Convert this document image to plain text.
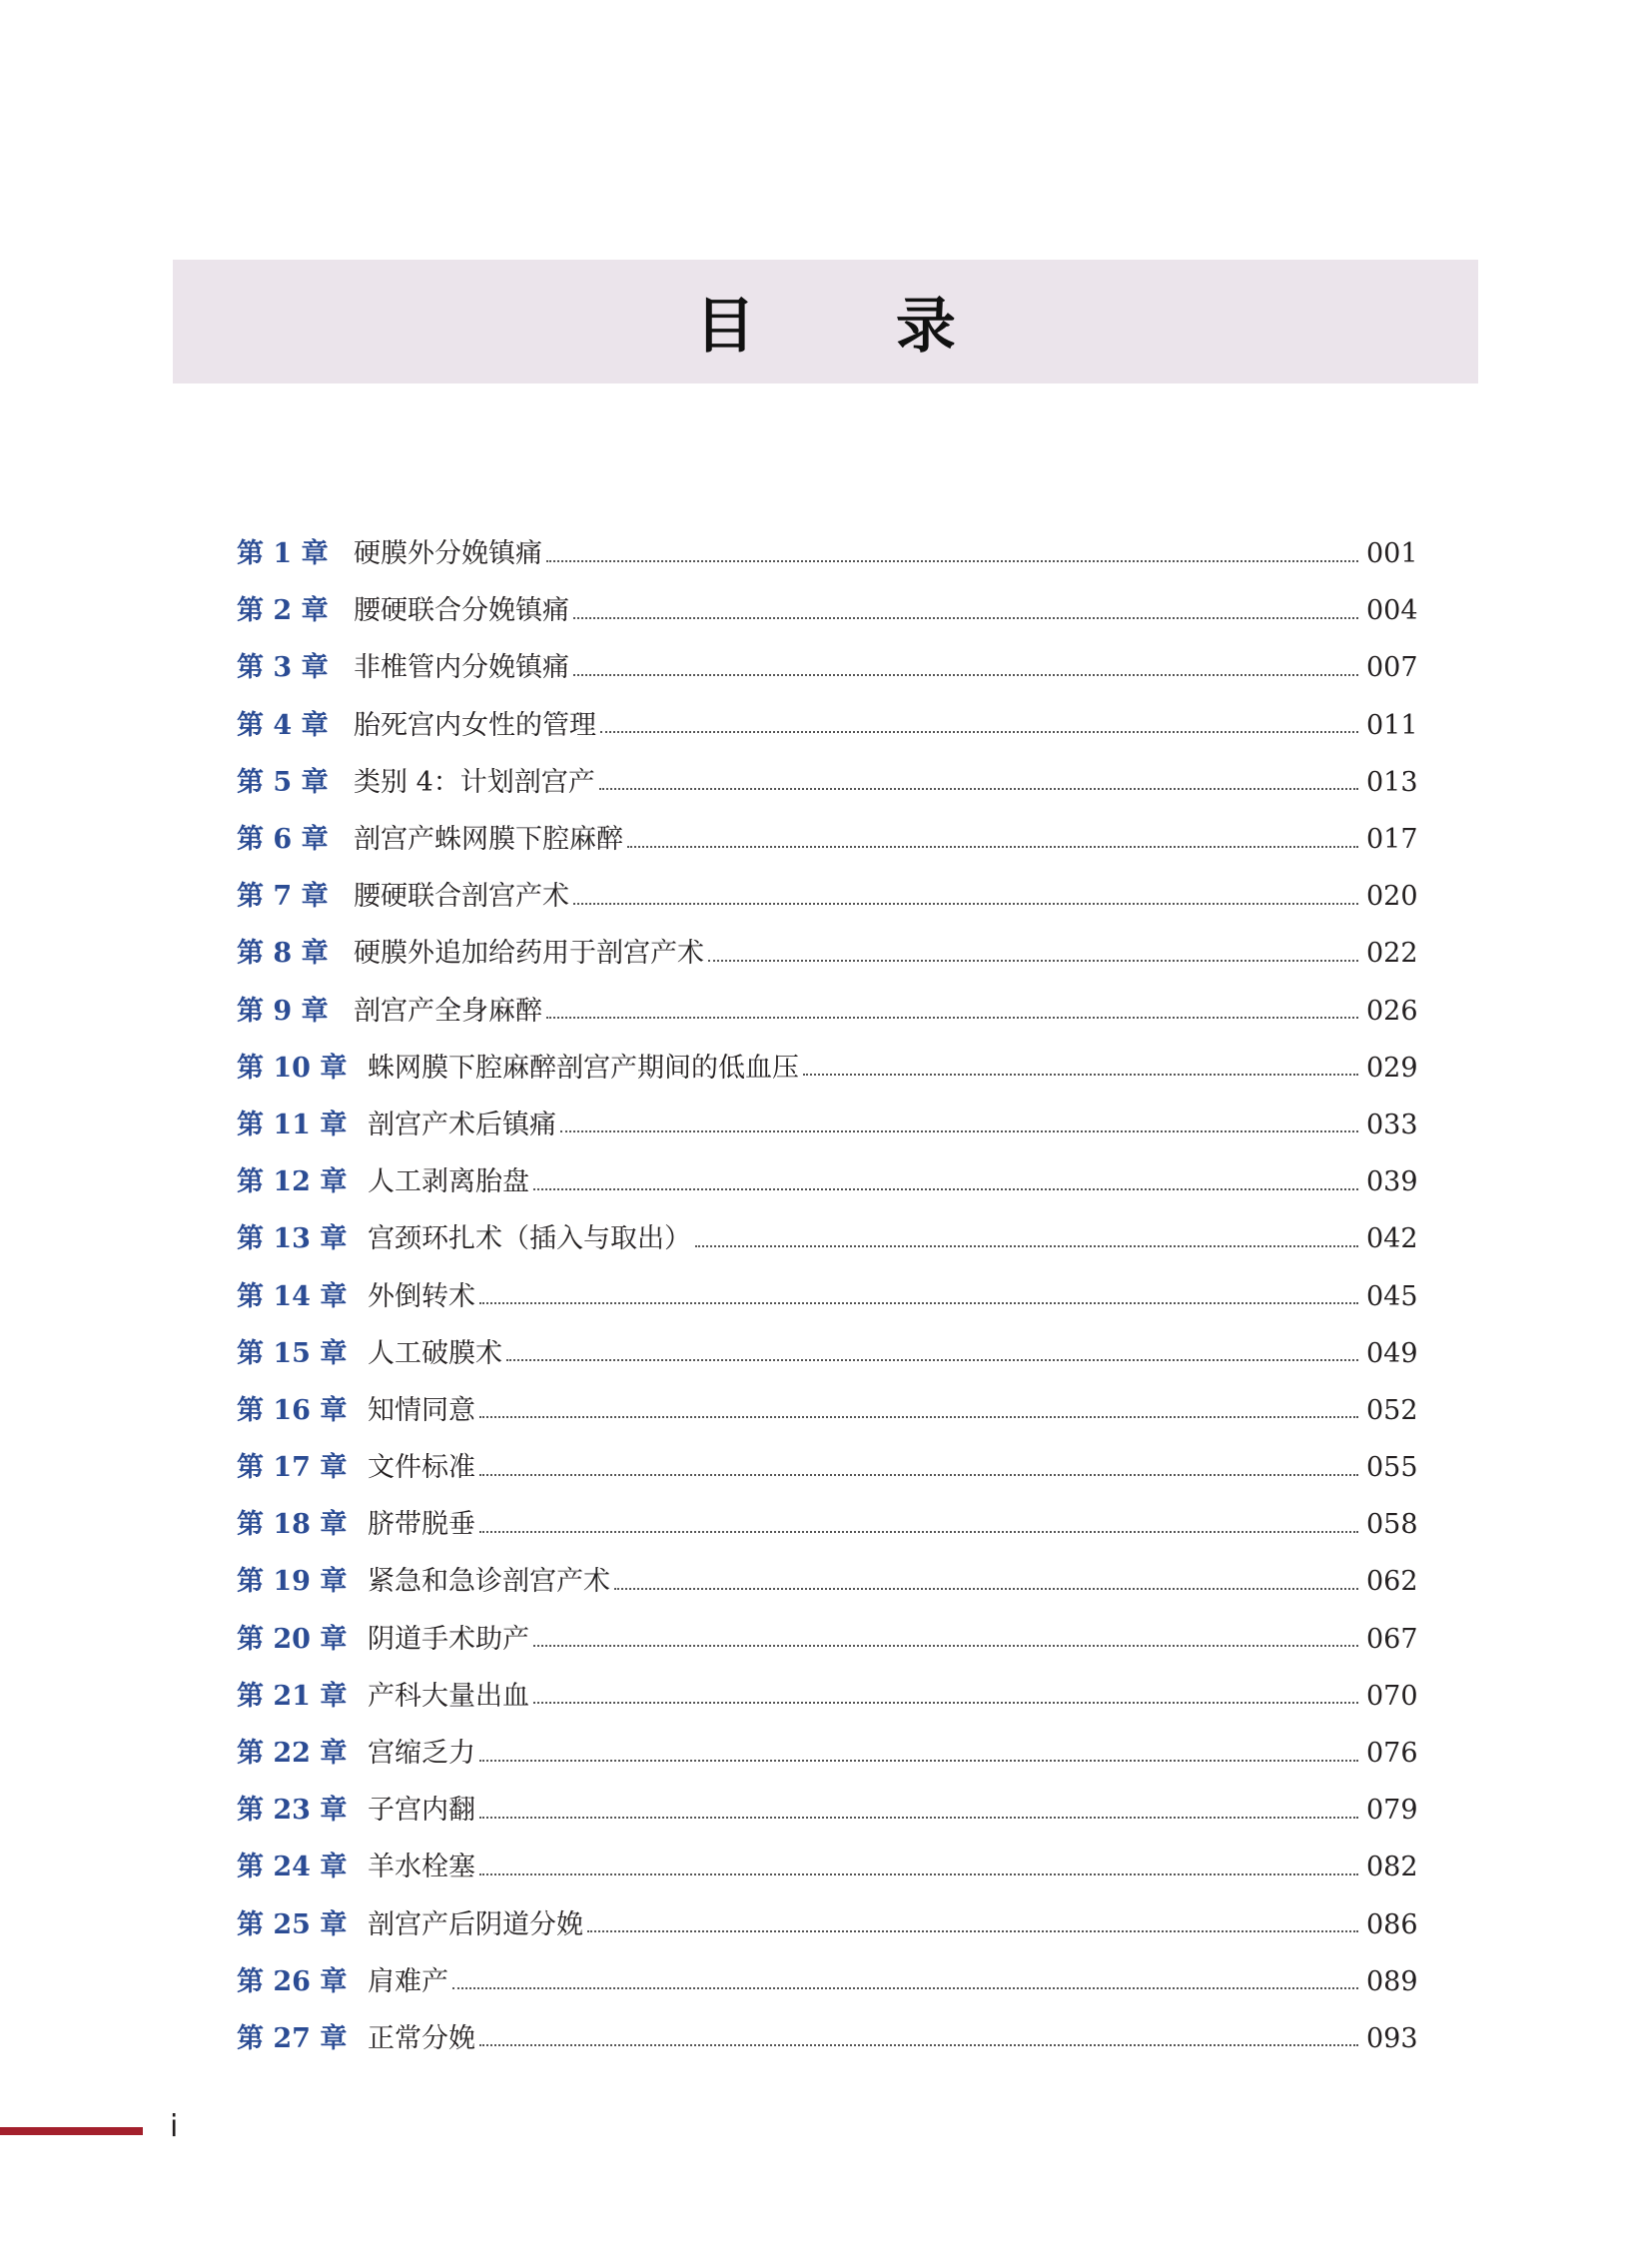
目 录
第 1 章 硬膜外分娩镇痛	001
第 2 章 腰硬联合分娩镇痛	004
第 3 章 非椎管内分娩镇痛	007
第 4 章 胎死宫内女性的管理	011
第 5 章 类别 4：计划剖宫产	013
第 6 章 剖宫产蛛网膜下腔麻醉	017
第 7 章 腰硬联合剖宫产术	020
第 8 章 硬膜外追加给药用于剖宫产术	022
第 9 章 剖宫产全身麻醉	026
第 10 章 蛛网膜下腔麻醉剖宫产期间的低血压	029
第 11 章 剖宫产术后镇痛	033
第 12 章 人工剥离胎盘	039
第 13 章 宫颈环扎术（插入与取出）	042
第 14 章 外倒转术	045
第 15 章 人工破膜术	049
第 16 章 知情同意	052
第 17 章 文件标准	055
第 18 章 脐带脱垂	058
第 19 章 紧急和急诊剖宫产术	062
第 20 章 阴道手术助产	067
第 21 章 产科大量出血	070
第 22 章 宫缩乏力	076
第 23 章 子宫内翻	079
第 24 章 羊水栓塞	082
第 25 章 剖宫产后阴道分娩	086
第 26 章 肩难产	089
第 27 章 正常分娩	093
i
